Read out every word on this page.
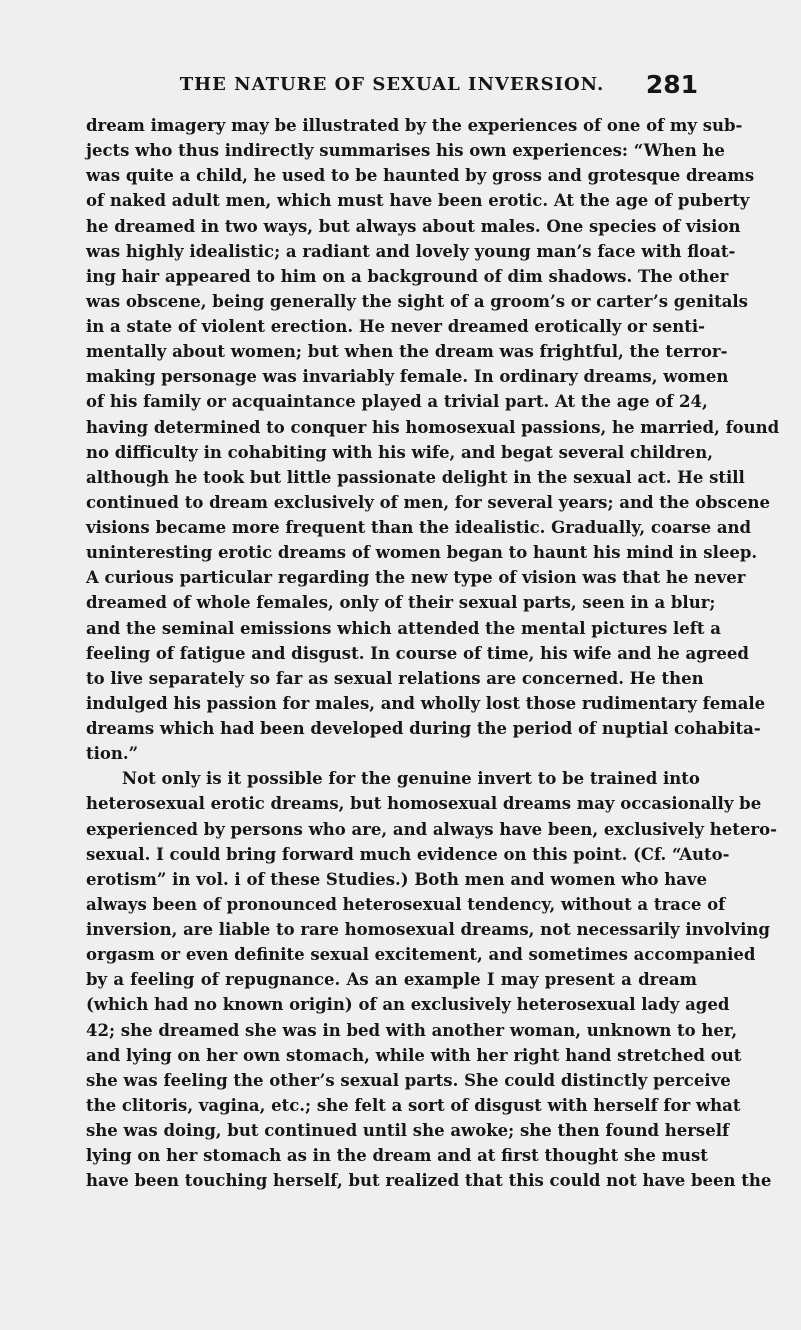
THE NATURE OF SEXUAL INVERSION.	281
dream imagery may be illustrated by the experiences of one of my sub-
jects who thus indirectly summarises his own experiences: “When he
was quite a child, he used to be haunted by gross and grotesque dreams
of naked adult men, which must have been erotic. At the age of puberty
he dreamed in two ways, but always about males. One species of vision
was highly idealistic; a radiant and lovely young man’s face with float-
ing hair appeared to him on a background of dim shadows. The other
was obscene, being generally the sight of a groom’s or carter’s genitals
in a state of violent erection. He never dreamed erotically or senti-
mentally about women; but when the dream was frightful, the terror-
making personage was invariably female. In ordinary dreams, women
of his family or acquaintance played a trivial part. At the age of 24,
having determined to conquer his homosexual passions, he married, found
no difficulty in cohabiting with his wife, and begat several children,
although he took but little passionate delight in the sexual act. He still
continued to dream exclusively of men, for several years; and the obscene
visions became more frequent than the idealistic. Gradually, coarse and
uninteresting erotic dreams of women began to haunt his mind in sleep.
A curious particular regarding the new type of vision was that he never
dreamed of whole females, only of their sexual parts, seen in a blur;
and the seminal emissions which attended the mental pictures left a
feeling of fatigue and disgust. In course of time, his wife and he agreed
to live separately so far as sexual relations are concerned. He then
indulged his passion for males, and wholly lost those rudimentary female
dreams which had been developed during the period of nuptial cohabita-
tion.”
Not only is it possible for the genuine invert to be trained into
heterosexual erotic dreams, but homosexual dreams may occasionally be
experienced by persons who are, and always have been, exclusively hetero-
sexual. I could bring forward much evidence on this point. (Cf. “Auto-
erotism” in vol. i of these Studies.) Both men and women who have
always been of pronounced heterosexual tendency, without a trace of
inversion, are liable to rare homosexual dreams, not necessarily involving
orgasm or even definite sexual excitement, and sometimes accompanied
by a feeling of repugnance. As an example I may present a dream
(which had no known origin) of an exclusively heterosexual lady aged
42; she dreamed she was in bed with another woman, unknown to her,
and lying on her own stomach, while with her right hand stretched out
she was feeling the other’s sexual parts. She could distinctly perceive
the clitoris, vagina, etc.; she felt a sort of disgust with herself for what
she was doing, but continued until she awoke; she then found herself
lying on her stomach as in the dream and at first thought she must
have been touching herself, but realized that this could not have been the
